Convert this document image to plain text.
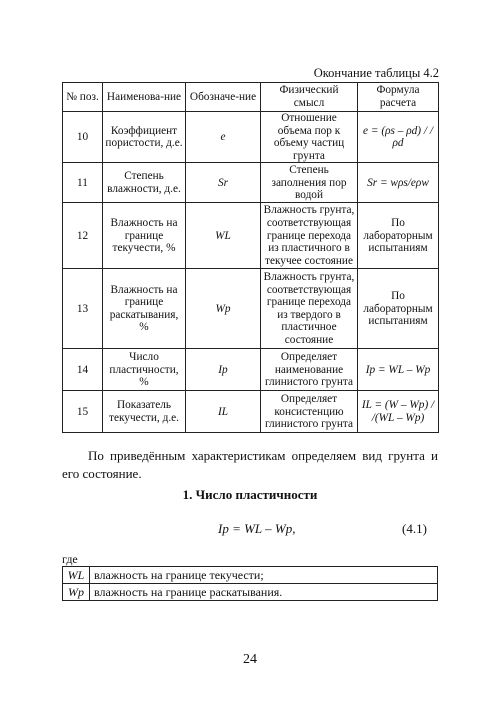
Окончание таблицы 4.2
№ поз.	Наименова-ние	Обозначе-ние	Физический смысл	Формула расчета
10	Коэффициент пористости, д.е.	e	Отношение объема пор к объему частиц грунта	e = (ρs – ρd) / /ρd
11	Степень влажности, д.е.	Sr	Степень заполнения пор водой	Sr = wρs/eρw
12	Влажность на границе текучести, %	WL	Влажность грунта, соответствующая границе перехода из пластичного в текучее состояние	По лабораторным испытаниям
13	Влажность на границе раскатывания, %	Wp	Влажность грунта, соответствующая границе перехода из твердого в пластичное состояние	По лабораторным испытаниям
14	Число пластичности, %	Ip	Определяет наименование глинистого грунта	Ip = WL – Wp
15	Показатель текучести, д.е.	IL	Определяет консистенцию глинистого грунта	IL = (W – Wp) / /(WL – Wp)
По приведённым характеристикам определяем вид грунта и его состояние.
1. Число пластичности
Ip = WL – Wp,	(4.1)
где
WL	влажность на границе текучести;
Wp	влажность на границе раскатывания.
24
